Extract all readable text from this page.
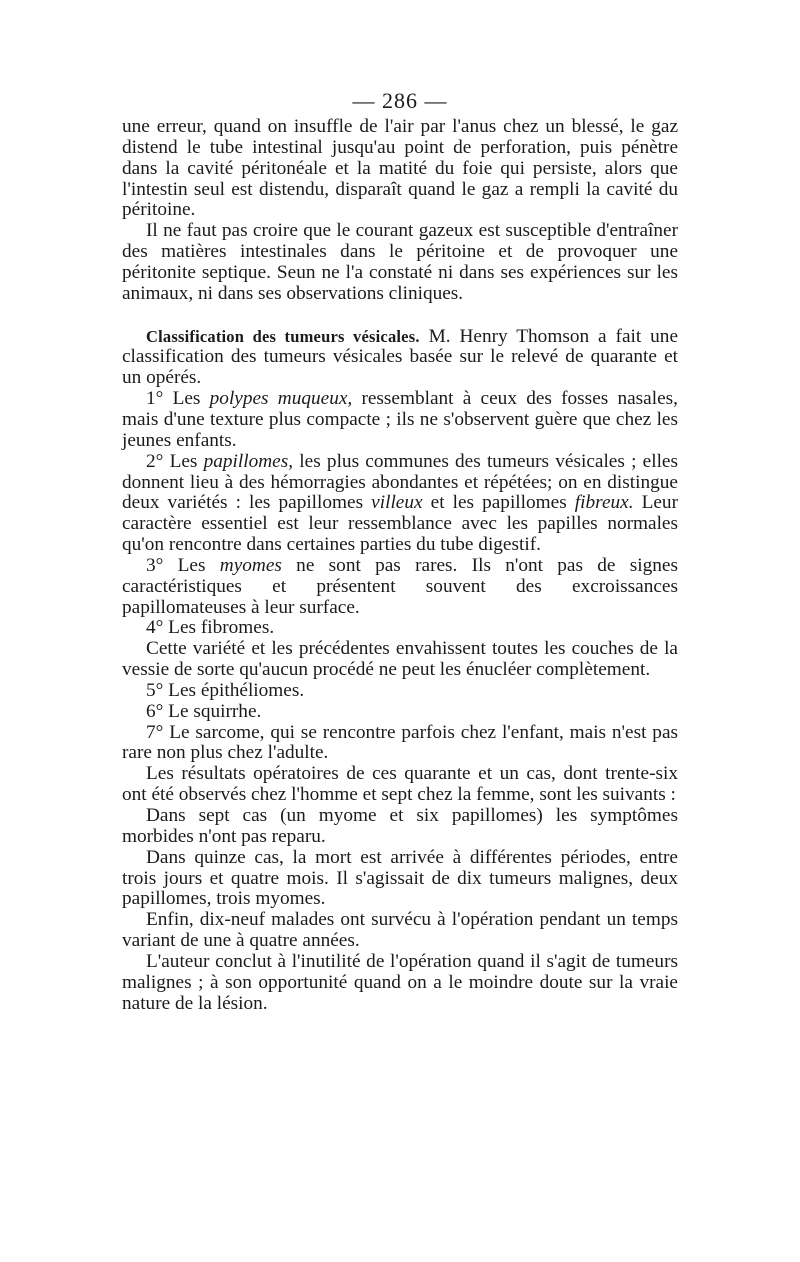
— 286 —

une erreur, quand on insuffle de l'air par l'anus chez un blessé, le gaz distend le tube intestinal jusqu'au point de perforation, puis pénètre dans la cavité péritonéale et la matité du foie qui persiste, alors que l'intestin seul est distendu, disparaît quand le gaz a rempli la cavité du péritoine.

Il ne faut pas croire que le courant gazeux est susceptible d'entraîner des matières intestinales dans le péritoine et de provoquer une péritonite septique. Seun ne l'a constaté ni dans ses expériences sur les animaux, ni dans ses observations cliniques.

Classification des tumeurs vésicales. M. Henry Thomson a fait une classification des tumeurs vésicales basée sur le relevé de quarante et un opérés.

1° Les polypes muqueux, ressemblant à ceux des fosses nasales, mais d'une texture plus compacte ; ils ne s'observent guère que chez les jeunes enfants.

2° Les papillomes, les plus communes des tumeurs vésicales ; elles donnent lieu à des hémorragies abondantes et répétées; on en distingue deux variétés : les papillomes villeux et les papillomes fibreux. Leur caractère essentiel est leur ressemblance avec les papilles normales qu'on rencontre dans certaines parties du tube digestif.

3° Les myomes ne sont pas rares. Ils n'ont pas de signes caractéristiques et présentent souvent des excroissances papillomateuses à leur surface.

4° Les fibromes.

Cette variété et les précédentes envahissent toutes les couches de la vessie de sorte qu'aucun procédé ne peut les énucléer complètement.

5° Les épithéliomes.

6° Le squirrhe.

7° Le sarcome, qui se rencontre parfois chez l'enfant, mais n'est pas rare non plus chez l'adulte.

Les résultats opératoires de ces quarante et un cas, dont trente-six ont été observés chez l'homme et sept chez la femme, sont les suivants :

Dans sept cas (un myome et six papillomes) les symptômes morbides n'ont pas reparu.

Dans quinze cas, la mort est arrivée à différentes périodes, entre trois jours et quatre mois. Il s'agissait de dix tumeurs malignes, deux papillomes, trois myomes.

Enfin, dix-neuf malades ont survécu à l'opération pendant un temps variant de une à quatre années.

L'auteur conclut à l'inutilité de l'opération quand il s'agit de tumeurs malignes ; à son opportunité quand on a le moindre doute sur la vraie nature de la lésion.
